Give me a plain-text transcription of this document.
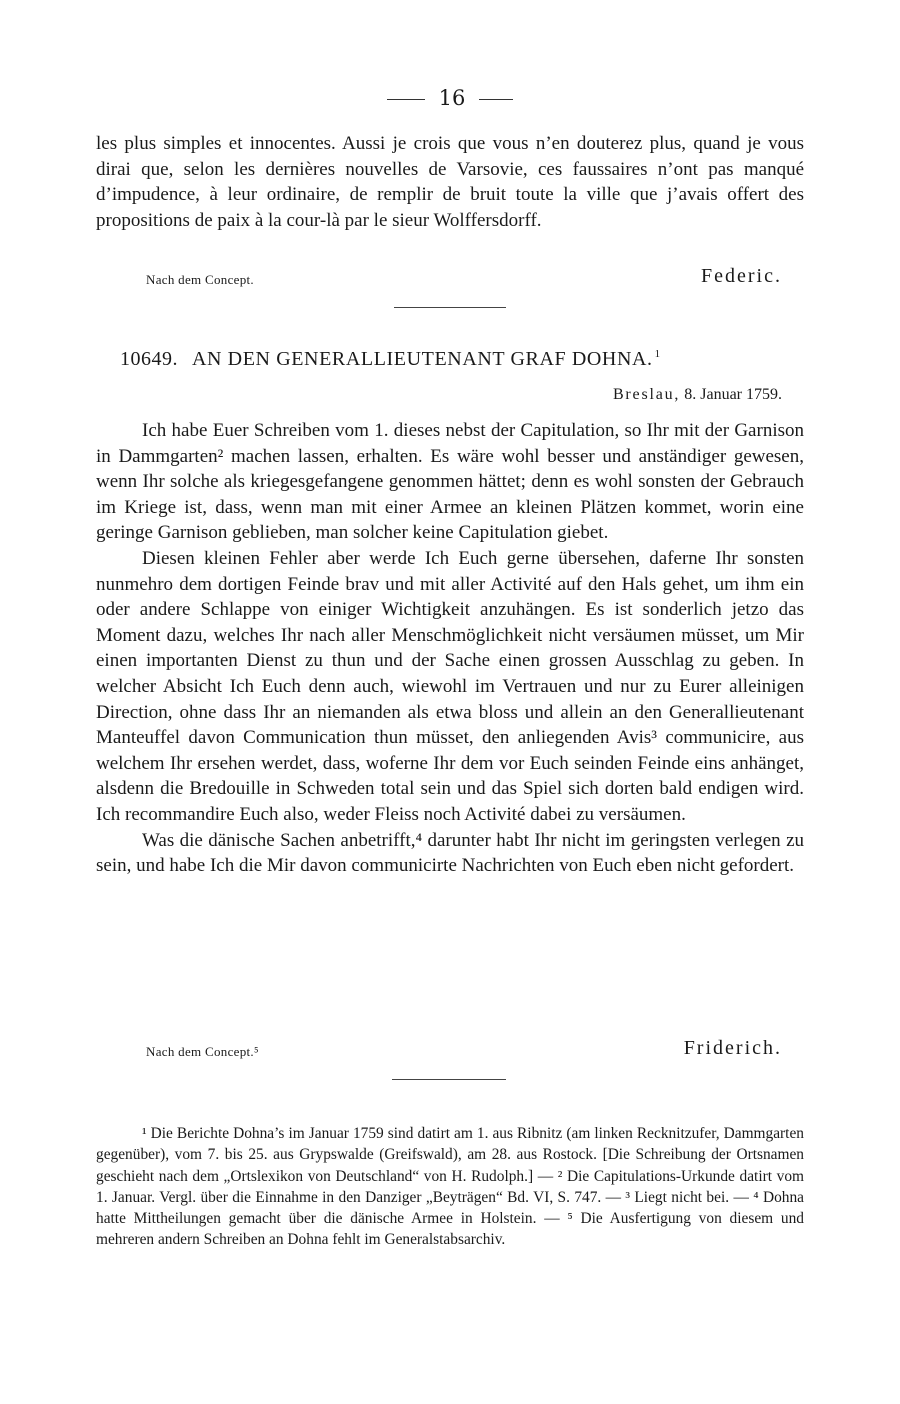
16

les plus simples et innocentes. Aussi je crois que vous n’en douterez plus, quand je vous dirai que, selon les dernières nouvelles de Varsovie, ces faussaires n’ont pas manqué d’impudence, à leur ordinaire, de remplir de bruit toute la ville que j’avais offert des propositions de paix à la cour-là par le sieur Wolffersdorff.

Nach dem Concept.	Federic.
10649. AN DEN GENERALLIEUTENANT GRAF DOHNA. $^1$
Breslau, 8. Januar 1759.

Ich habe Euer Schreiben vom 1. dieses nebst der Capitulation, so Ihr mit der Garnison in Dammgarten² machen lassen, erhalten. Es wäre wohl besser und anständiger gewesen, wenn Ihr solche als kriegesgefangene genommen hättet; denn es wohl sonsten der Gebrauch im Kriege ist, dass, wenn man mit einer Armee an kleinen Plätzen kommet, worin eine geringe Garnison geblieben, man solcher keine Capitulation giebet.

Diesen kleinen Fehler aber werde Ich Euch gerne übersehen, daferne Ihr sonsten nunmehro dem dortigen Feinde brav und mit aller Activité auf den Hals gehet, um ihm ein oder andere Schlappe von einiger Wichtigkeit anzuhängen. Es ist sonderlich jetzo das Moment dazu, welches Ihr nach aller Menschmöglichkeit nicht versäumen müsset, um Mir einen importanten Dienst zu thun und der Sache einen grossen Ausschlag zu geben. In welcher Absicht Ich Euch denn auch, wiewohl im Vertrauen und nur zu Eurer alleinigen Direction, ohne dass Ihr an niemanden als etwa bloss und allein an den Generallieutenant Manteuffel davon Communication thun müsset, den anliegenden Avis³ communicire, aus welchem Ihr ersehen werdet, dass, woferne Ihr dem vor Euch seinden Feinde eins anhänget, alsdenn die Bredouille in Schweden total sein und das Spiel sich dorten bald endigen wird. Ich recommandire Euch also, weder Fleiss noch Activité dabei zu versäumen.

Was die dänische Sachen anbetrifft,⁴ darunter habt Ihr nicht im geringsten verlegen zu sein, und habe Ich die Mir davon communicirte Nachrichten von Euch eben nicht gefordert.

Nach dem Concept.⁵	Friderich.

¹ Die Berichte Dohna’s im Januar 1759 sind datirt am 1. aus Ribnitz (am linken Recknitzufer, Dammgarten gegenüber), vom 7. bis 25. aus Grypswalde (Greifswald), am 28. aus Rostock. [Die Schreibung der Ortsnamen geschieht nach dem „Ortslexikon von Deutschland“ von H. Rudolph.] — ² Die Capitulations-Urkunde datirt vom 1. Januar. Vergl. über die Einnahme in den Danziger „Beyträgen“ Bd. VI, S. 747. — ³ Liegt nicht bei. — ⁴ Dohna hatte Mittheilungen gemacht über die dänische Armee in Holstein. — ⁵ Die Ausfertigung von diesem und mehreren andern Schreiben an Dohna fehlt im Generalstabsarchiv.
